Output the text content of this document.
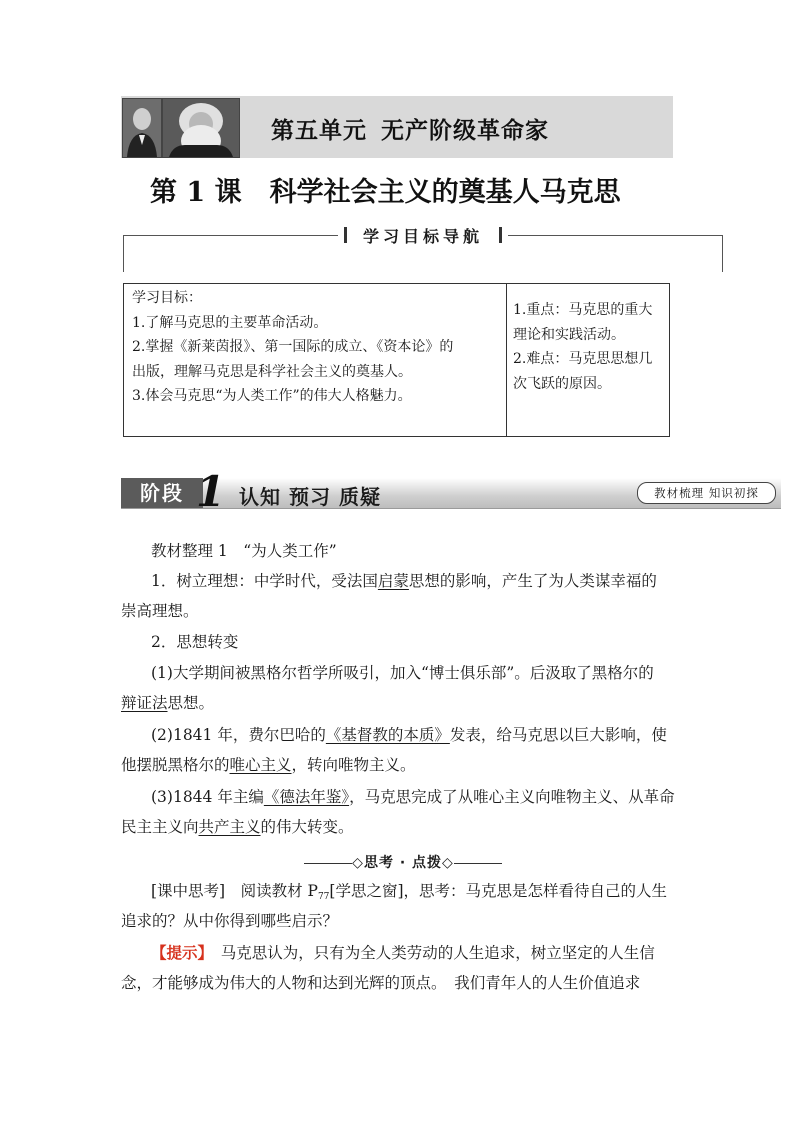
第五单元 无产阶级革命家
第 1 课 科学社会主义的奠基人马克思
学习目标导航

学习目标：

1.了解马克思的主要革命活动。

2.掌握《新莱茵报》、第一国际的成立、《资本论》的

出版，理解马克思是科学社会主义的奠基人。

3.体会马克思“为人类工作”的伟大人格魅力。

1.重点：马克思的重大

理论和实践活动。

2.难点：马克思思想几

次飞跃的原因。

阶段 1 认知 预习 质疑	教材梳理 知识初探
教材整理 1　“为人类工作”
1．树立理想：中学时代，受法国启蒙思想的影响，产生了为人类谋幸福的
崇高理想。
2．思想转变
(1)大学期间被黑格尔哲学所吸引，加入“博士俱乐部”。后汲取了黑格尔的
辩证法思想。
(2)1841 年，费尔巴哈的《基督教的本质》发表，给马克思以巨大影响，使
他摆脱黑格尔的唯心主义，转向唯物主义。
(3)1844 年主编《德法年鉴》，马克思完成了从唯心主义向唯物主义、从革命
民主主义向共产主义的伟大转变。
◇思考 · 点拨◇
[课中思考]　阅读教材 $P_{77}$[学思之窗]，思考：马克思是怎样看待自己的人生
追求的？从中你得到哪些启示？
【提示】　马克思认为，只有为全人类劳动的人生追求，树立坚定的人生信
念，才能够成为伟大的人物和达到光辉的顶点。　我们青年人的人生价值追求
